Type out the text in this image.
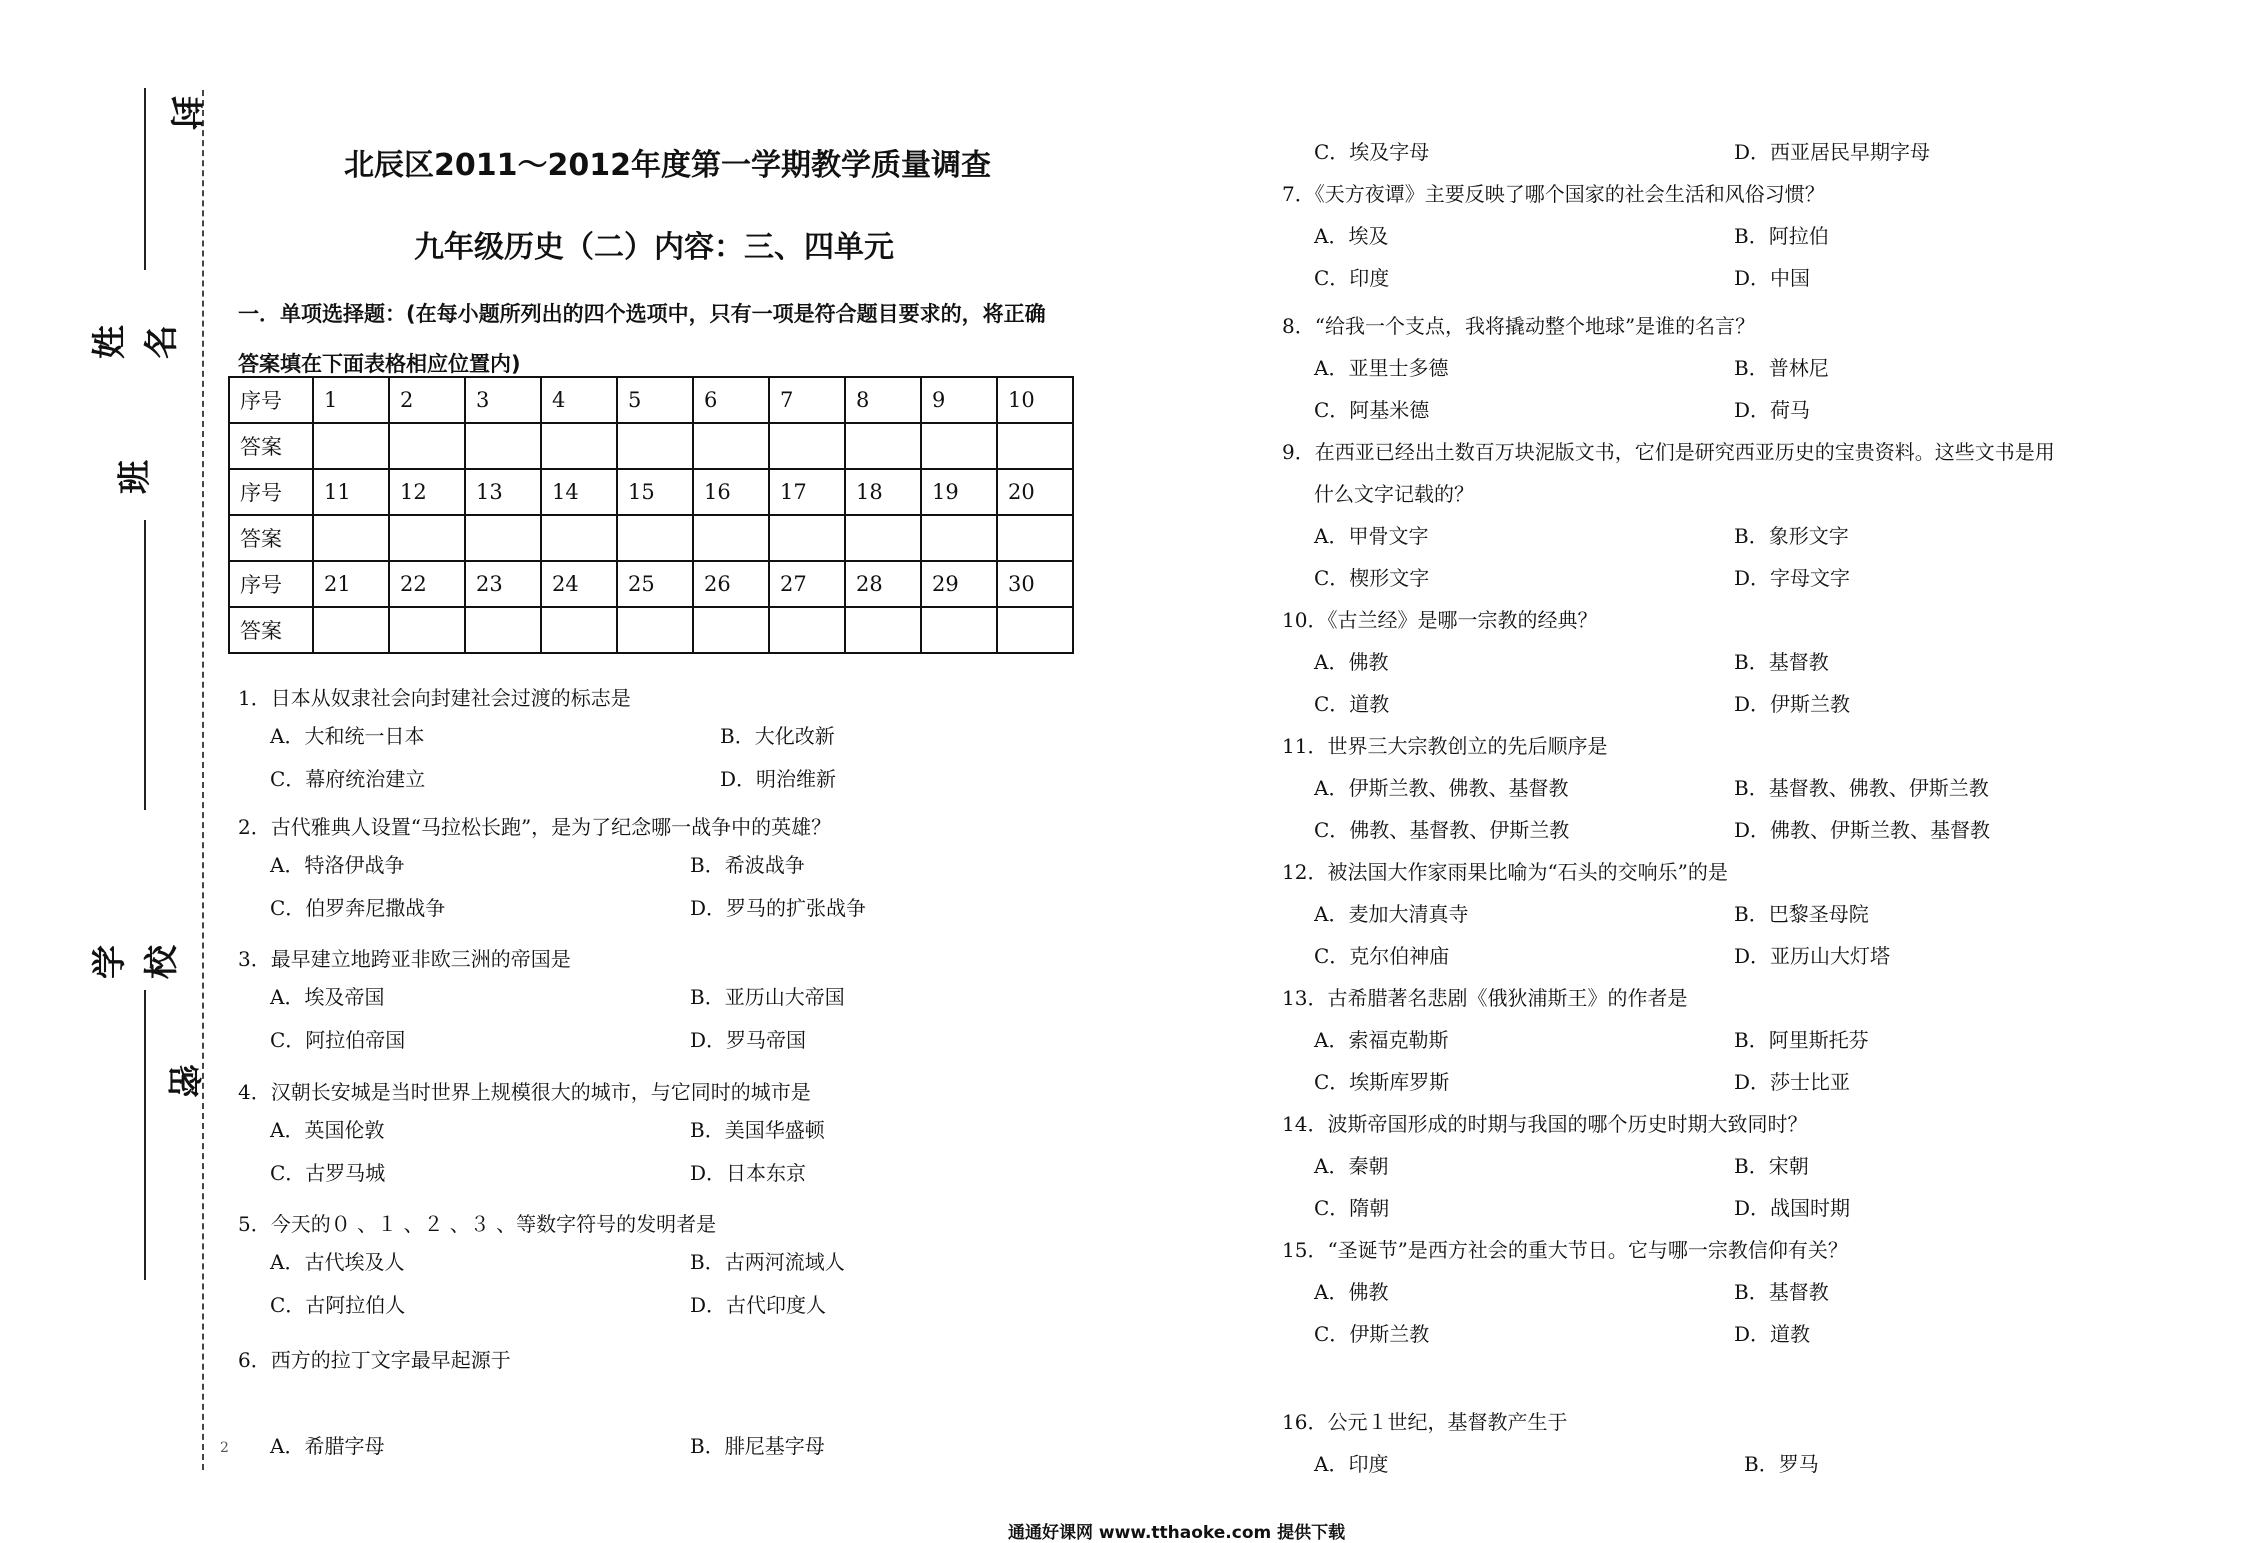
封
密
姓名
班
学校
2
北辰区2011～2012年度第一学期教学质量调查
九年级历史（二）内容：三、四单元
一．单项选择题：(在每小题所列出的四个选项中，只有一项是符合题目要求的，将正确
答案填在下面表格相应位置内)
序号	1	2	3	4	5	6	7	8	9	10
答案										
序号	11	12	13	14	15	16	17	18	19	20
答案										
序号	21	22	23	24	25	26	27	28	29	30
答案										
1．日本从奴隶社会向封建社会过渡的标志是
A．大和统一日本	B．大化改新
C．幕府统治建立	D．明治维新
2．古代雅典人设置“马拉松长跑”，是为了纪念哪一战争中的英雄？
A．特洛伊战争	B．希波战争
C．伯罗奔尼撒战争	D．罗马的扩张战争
3．最早建立地跨亚非欧三洲的帝国是
A．埃及帝国	B．亚历山大帝国
C．阿拉伯帝国	D．罗马帝国
4．汉朝长安城是当时世界上规模很大的城市，与它同时的城市是
A．英国伦敦	B．美国华盛顿
C．古罗马城	D．日本东京
5．今天的０ 、１ 、２ 、３ 、等数字符号的发明者是
A．古代埃及人	B．古两河流域人
C．古阿拉伯人	D．古代印度人
6．西方的拉丁文字最早起源于
A．希腊字母	B．腓尼基字母
C．埃及字母	D．西亚居民早期字母
7．《天方夜谭》主要反映了哪个国家的社会生活和风俗习惯？
A．埃及	B．阿拉伯
C．印度	D．中国
8．“给我一个支点，我将撬动整个地球”是谁的名言？
A．亚里士多德	B．普林尼
C．阿基米德	D．荷马
9．在西亚已经出土数百万块泥版文书，它们是研究西亚历史的宝贵资料。这些文书是用
什么文字记载的？
A．甲骨文字	B．象形文字
C．楔形文字	D．字母文字
10．《古兰经》是哪一宗教的经典？
A．佛教	B．基督教
C．道教	D．伊斯兰教
11．世界三大宗教创立的先后顺序是
A．伊斯兰教、佛教、基督教	B．基督教、佛教、伊斯兰教
C．佛教、基督教、伊斯兰教	D．佛教、伊斯兰教、基督教
12．被法国大作家雨果比喻为“石头的交响乐”的是
A．麦加大清真寺	B．巴黎圣母院
C．克尔伯神庙	D．亚历山大灯塔
13．古希腊著名悲剧《俄狄浦斯王》的作者是
A．索福克勒斯	B．阿里斯托芬
C．埃斯库罗斯	D．莎士比亚
14．波斯帝国形成的时期与我国的哪个历史时期大致同时？
A．秦朝	B．宋朝
C．隋朝	D．战国时期
15．“圣诞节”是西方社会的重大节日。它与哪一宗教信仰有关？
A．佛教	B．基督教
C．伊斯兰教	D．道教
16．公元１世纪，基督教产生于
A．印度	B．罗马
通通好课网 www.tthaoke.com 提供下载
